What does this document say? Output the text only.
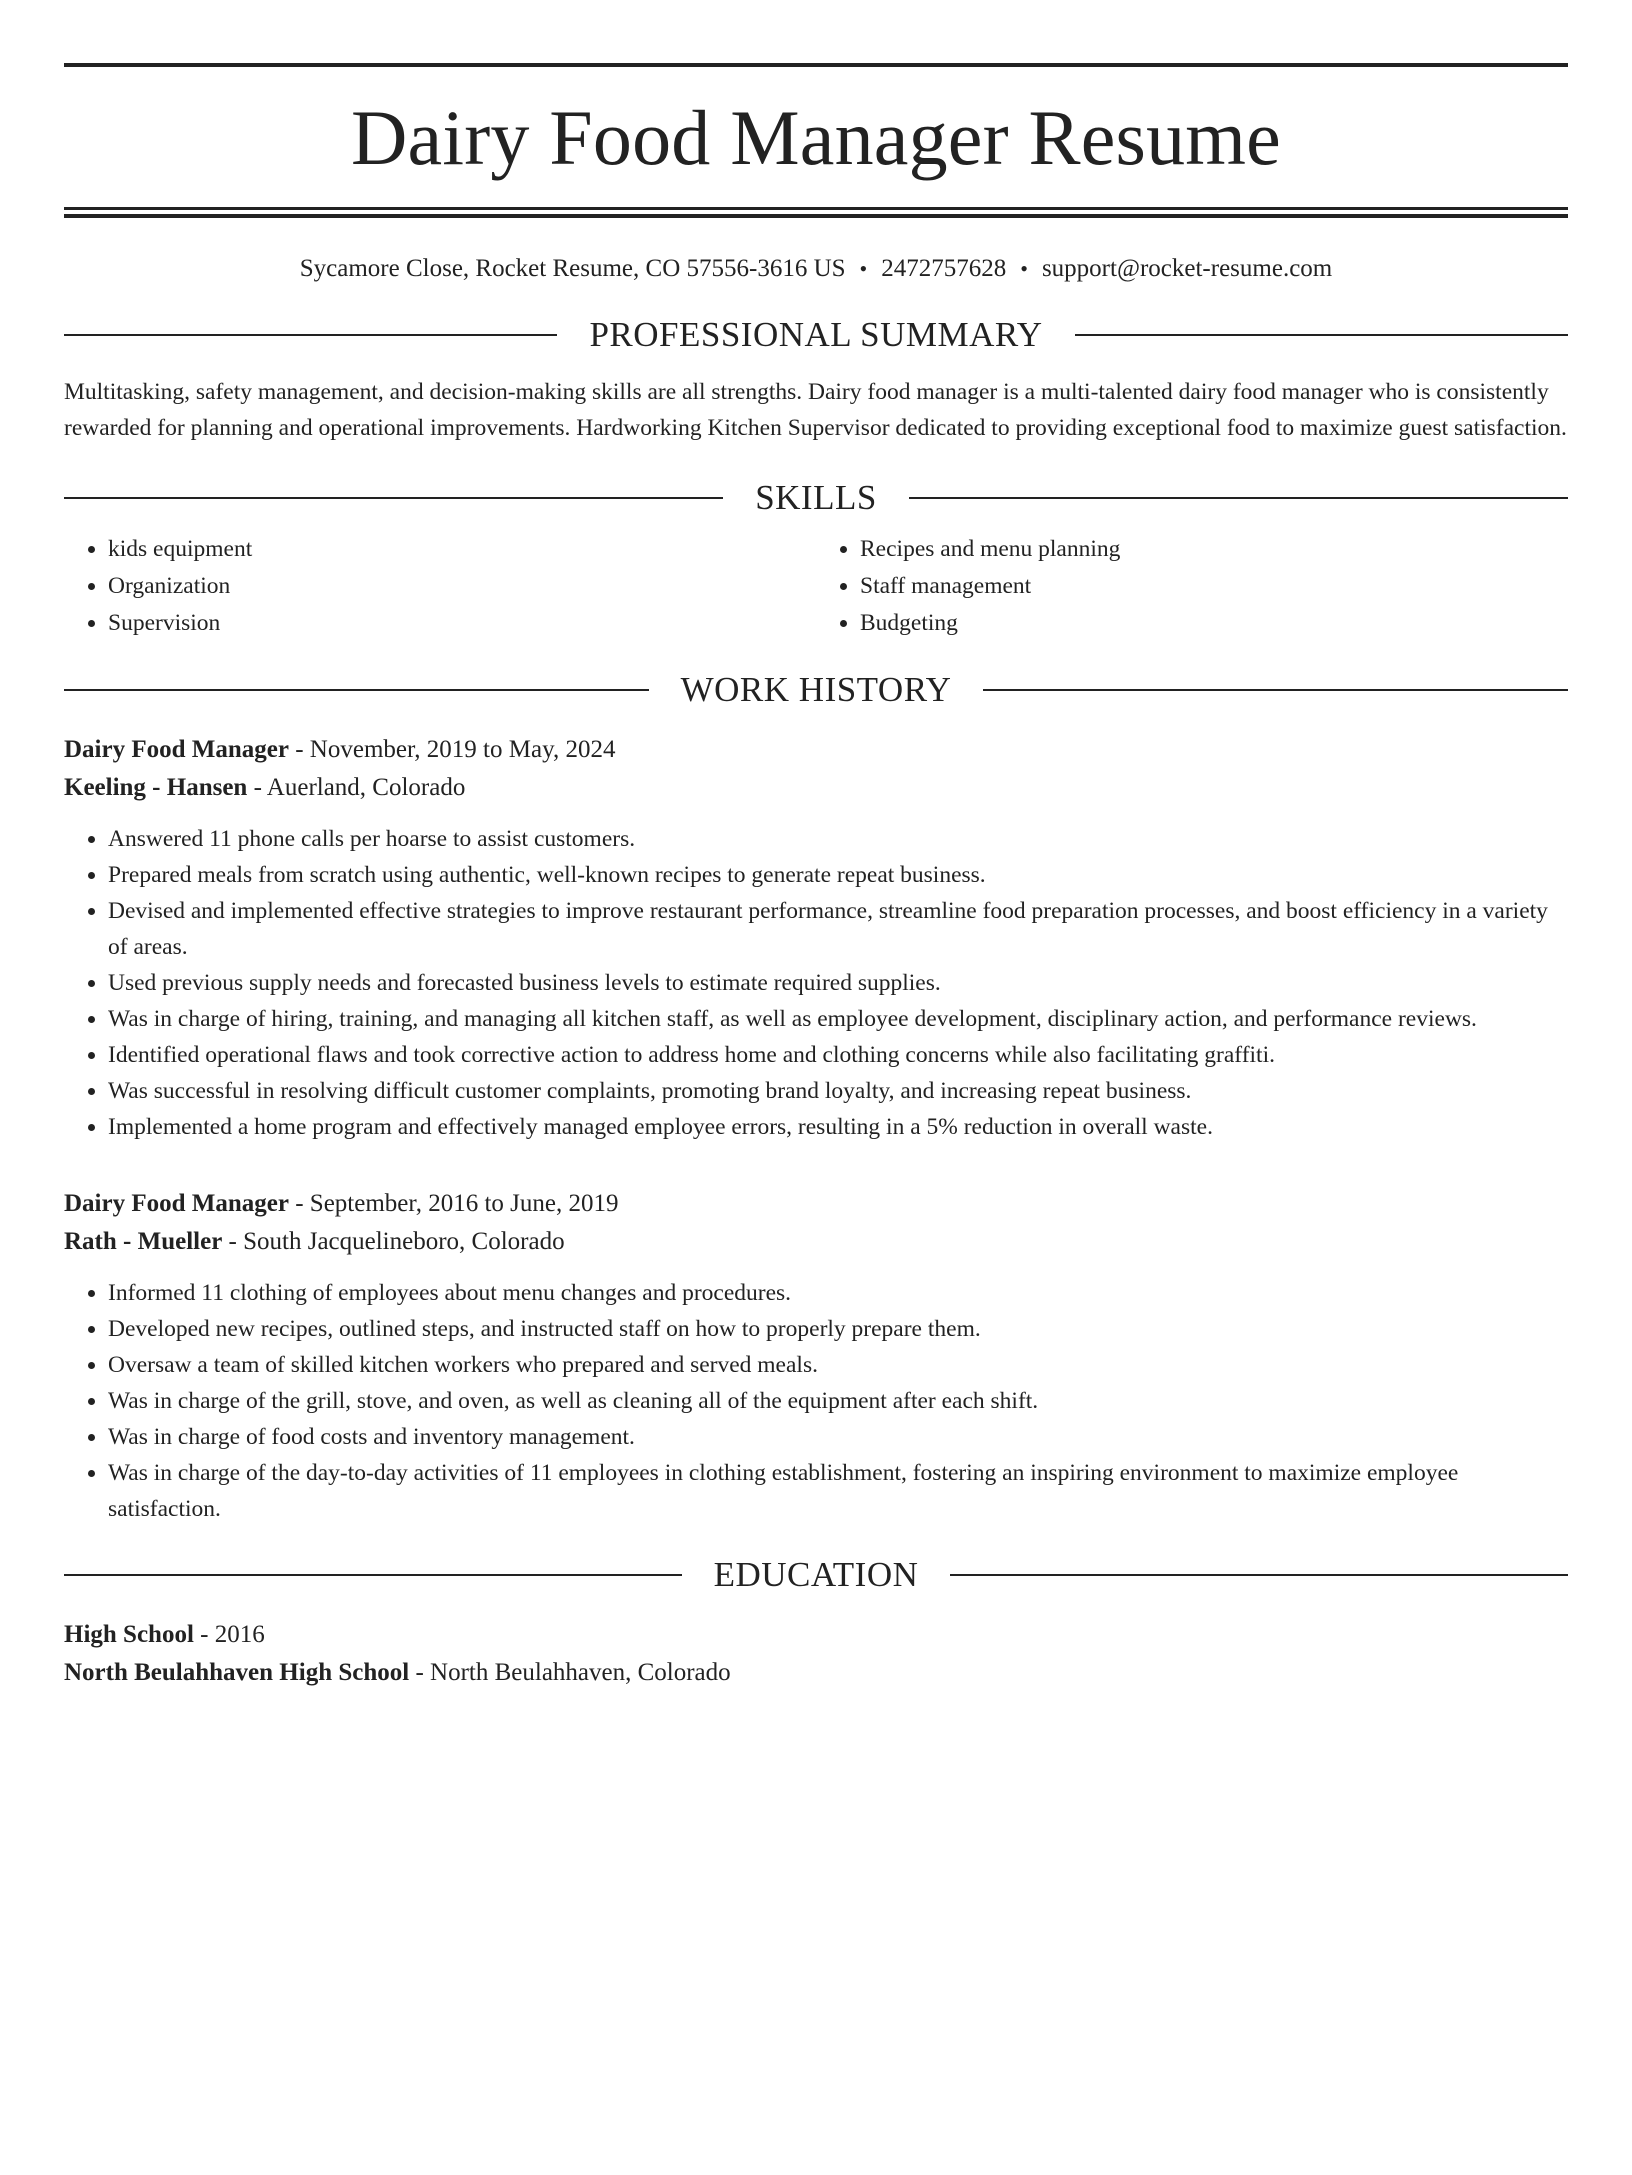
Dairy Food Manager Resume
Sycamore Close, Rocket Resume, CO 57556-3616 US • 2472757628 • support@rocket-resume.com
PROFESSIONAL SUMMARY
Multitasking, safety management, and decision-making skills are all strengths. Dairy food manager is a multi-talented dairy food manager who is consistently rewarded for planning and operational improvements. Hardworking Kitchen Supervisor dedicated to providing exceptional food to maximize guest satisfaction.
SKILLS
• kids equipment
• Organization
• Supervision
• Recipes and menu planning
• Staff management
• Budgeting
WORK HISTORY
Dairy Food Manager - November, 2019 to May, 2024
Keeling - Hansen - Auerland, Colorado
• Answered 11 phone calls per hoarse to assist customers.
• Prepared meals from scratch using authentic, well-known recipes to generate repeat business.
• Devised and implemented effective strategies to improve restaurant performance, streamline food preparation processes, and boost efficiency in a variety of areas.
• Used previous supply needs and forecasted business levels to estimate required supplies.
• Was in charge of hiring, training, and managing all kitchen staff, as well as employee development, disciplinary action, and performance reviews.
• Identified operational flaws and took corrective action to address home and clothing concerns while also facilitating graffiti.
• Was successful in resolving difficult customer complaints, promoting brand loyalty, and increasing repeat business.
• Implemented a home program and effectively managed employee errors, resulting in a 5% reduction in overall waste.
Dairy Food Manager - September, 2016 to June, 2019
Rath - Mueller - South Jacquelineboro, Colorado
• Informed 11 clothing of employees about menu changes and procedures.
• Developed new recipes, outlined steps, and instructed staff on how to properly prepare them.
• Oversaw a team of skilled kitchen workers who prepared and served meals.
• Was in charge of the grill, stove, and oven, as well as cleaning all of the equipment after each shift.
• Was in charge of food costs and inventory management.
• Was in charge of the day-to-day activities of 11 employees in clothing establishment, fostering an inspiring environment to maximize employee satisfaction.
EDUCATION
High School - 2016
North Beulahhaven High School - North Beulahhaven, Colorado
